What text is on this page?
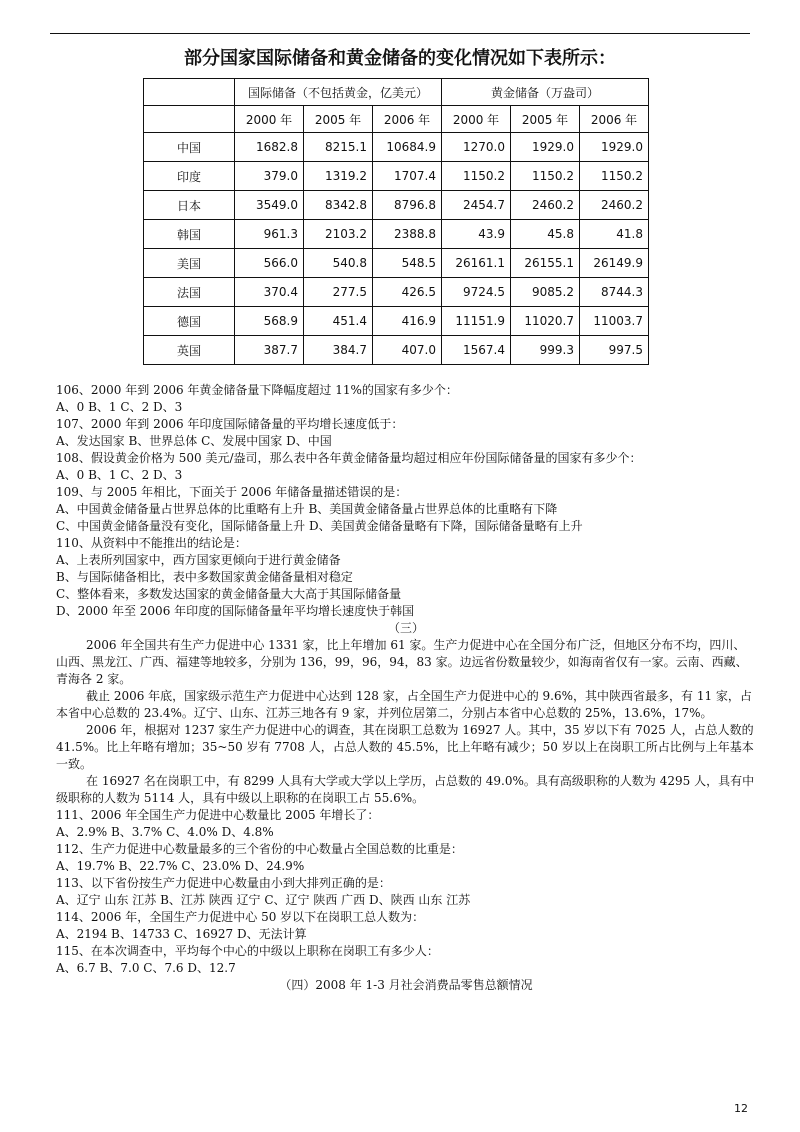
部分国家国际储备和黄金储备的变化情况如下表所示：
	国际储备（不包括黄金，亿美元）			黄金储备（万盎司）		
	2000 年	2005 年	2006 年	2000 年	2005 年	2006 年
中国	1682.8	8215.1	10684.9	1270.0	1929.0	1929.0
印度	379.0	1319.2	1707.4	1150.2	1150.2	1150.2
日本	3549.0	8342.8	8796.8	2454.7	2460.2	2460.2
韩国	961.3	2103.2	2388.8	43.9	45.8	41.8
美国	566.0	540.8	548.5	26161.1	26155.1	26149.9
法国	370.4	277.5	426.5	9724.5	9085.2	8744.3
德国	568.9	451.4	416.9	11151.9	11020.7	11003.7
英国	387.7	384.7	407.0	1567.4	999.3	997.5

106、2000 年到 2006 年黄金储备量下降幅度超过 11%的国家有多少个：

A、0 B、1 C、2 D、3

107、2000 年到 2006 年印度国际储备量的平均增长速度低于：

A、发达国家 B、世界总体 C、发展中国家 D、中国

108、假设黄金价格为 500 美元/盎司，那么表中各年黄金储备量均超过相应年份国际储备量的国家有多少个：

A、0 B、1 C、2 D、3

109、与 2005 年相比，下面关于 2006 年储备量描述错误的是：

A、中国黄金储备量占世界总体的比重略有上升 B、美国黄金储备量占世界总体的比重略有下降

C、中国黄金储备量没有变化，国际储备量上升 D、美国黄金储备量略有下降，国际储备量略有上升

110、从资料中不能推出的结论是：

A、上表所列国家中，西方国家更倾向于进行黄金储备

B、与国际储备相比，表中多数国家黄金储备量相对稳定

C、整体看来，多数发达国家的黄金储备量大大高于其国际储备量

D、2000 年至 2006 年印度的国际储备量年平均增长速度快于韩国

（三）

2006 年全国共有生产力促进中心 1331 家，比上年增加 61 家。生产力促进中心在全国分布广泛，但地区分布不均，四川、山西、黑龙江、广西、福建等地较多，分别为 136，99，96，94，83 家。边远省份数量较少，如海南省仅有一家。云南、西藏、青海各 2 家。

截止 2006 年底，国家级示范生产力促进中心达到 128 家，占全国生产力促进中心的 9.6%，其中陕西省最多，有 11 家，占本省中心总数的 23.4%。辽宁、山东、江苏三地各有 9 家，并列位居第二，分别占本省中心总数的 25%，13.6%，17%。

2006 年，根据对 1237 家生产力促进中心的调查，其在岗职工总数为 16927 人。其中，35 岁以下有 7025 人，占总人数的 41.5%。比上年略有增加；35~50 岁有 7708 人，占总人数的 45.5%，比上年略有减少；50 岁以上在岗职工所占比例与上年基本一致。

在 16927 名在岗职工中，有 8299 人具有大学或大学以上学历，占总数的 49.0%。具有高级职称的人数为 4295 人，具有中级职称的人数为 5114 人，具有中级以上职称的在岗职工占 55.6%。

111、2006 年全国生产力促进中心数量比 2005 年增长了：

A、2.9% B、3.7% C、4.0% D、4.8%

112、生产力促进中心数量最多的三个省份的中心数量占全国总数的比重是：

A、19.7% B、22.7% C、23.0% D、24.9%

113、以下省份按生产力促进中心数量由小到大排列正确的是：

A、辽宁 山东 江苏 B、江苏 陕西 辽宁 C、辽宁 陕西 广西 D、陕西 山东 江苏

114、2006 年，全国生产力促进中心 50 岁以下在岗职工总人数为：

A、2194 B、14733 C、16927 D、无法计算

115、在本次调查中，平均每个中心的中级以上职称在岗职工有多少人：

A、6.7 B、7.0 C、7.6 D、12.7

（四）2008 年 1-3 月社会消费品零售总额情况

12
